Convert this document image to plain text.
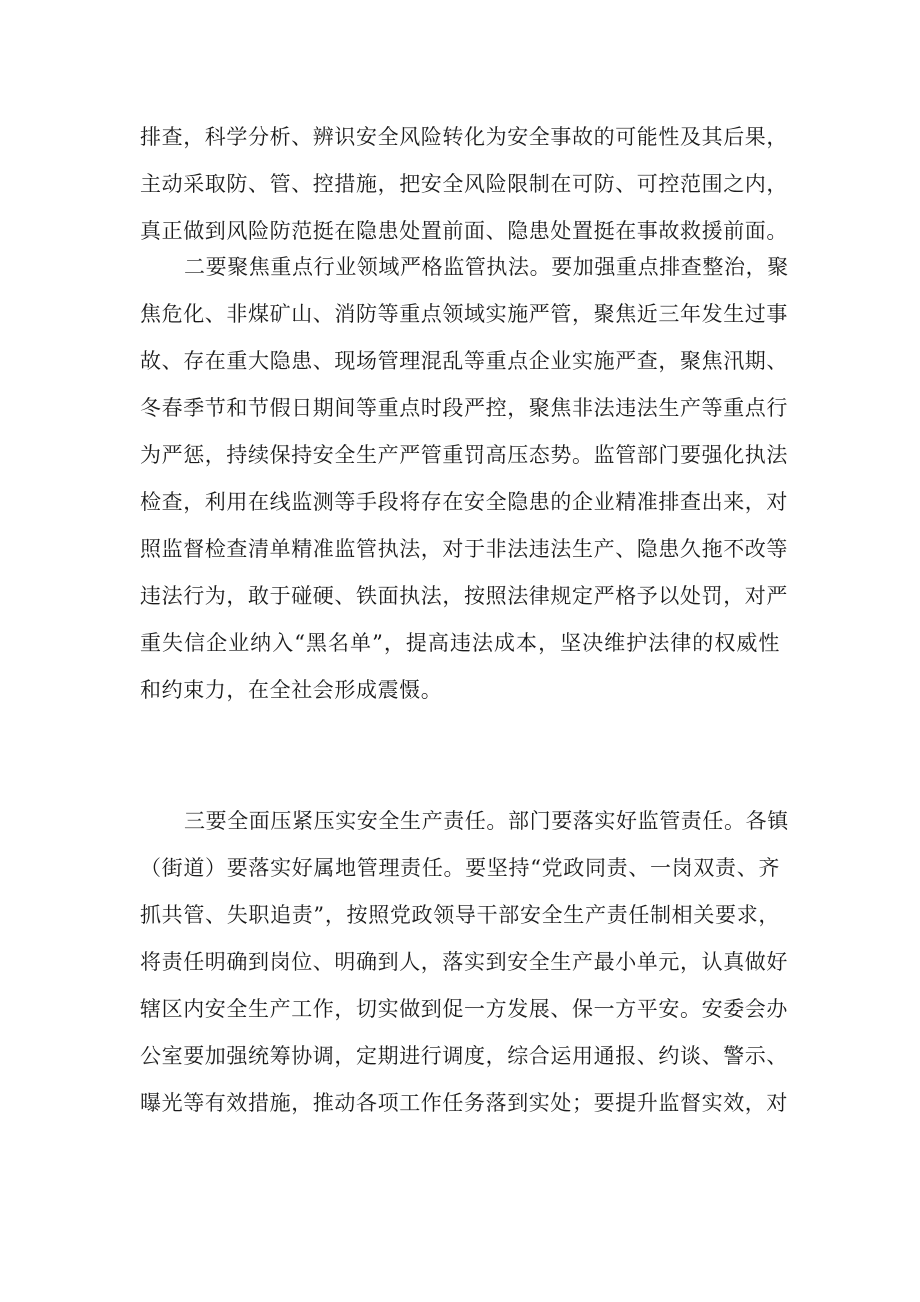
排查，科学分析、辨识安全风险转化为安全事故的可能性及其后果，
主动采取防、管、控措施，把安全风险限制在可防、可控范围之内，
真正做到风险防范挺在隐患处置前面、隐患处置挺在事故救援前面。
二要聚焦重点行业领域严格监管执法。要加强重点排查整治，聚
焦危化、非煤矿山、消防等重点领域实施严管，聚焦近三年发生过事
故、存在重大隐患、现场管理混乱等重点企业实施严查，聚焦汛期、
冬春季节和节假日期间等重点时段严控，聚焦非法违法生产等重点行
为严惩，持续保持安全生产严管重罚高压态势。监管部门要强化执法
检查，利用在线监测等手段将存在安全隐患的企业精准排查出来，对
照监督检查清单精准监管执法，对于非法违法生产、隐患久拖不改等
违法行为，敢于碰硬、铁面执法，按照法律规定严格予以处罚，对严
重失信企业纳入“黑名单”，提高违法成本，坚决维护法律的权威性
和约束力，在全社会形成震慑。
三要全面压紧压实安全生产责任。部门要落实好监管责任。各镇
（街道）要落实好属地管理责任。要坚持“党政同责、一岗双责、齐
抓共管、失职追责”，按照党政领导干部安全生产责任制相关要求，
将责任明确到岗位、明确到人，落实到安全生产最小单元，认真做好
辖区内安全生产工作，切实做到促一方发展、保一方平安。安委会办
公室要加强统筹协调，定期进行调度，综合运用通报、约谈、警示、
曝光等有效措施，推动各项工作任务落到实处；要提升监督实效，对
